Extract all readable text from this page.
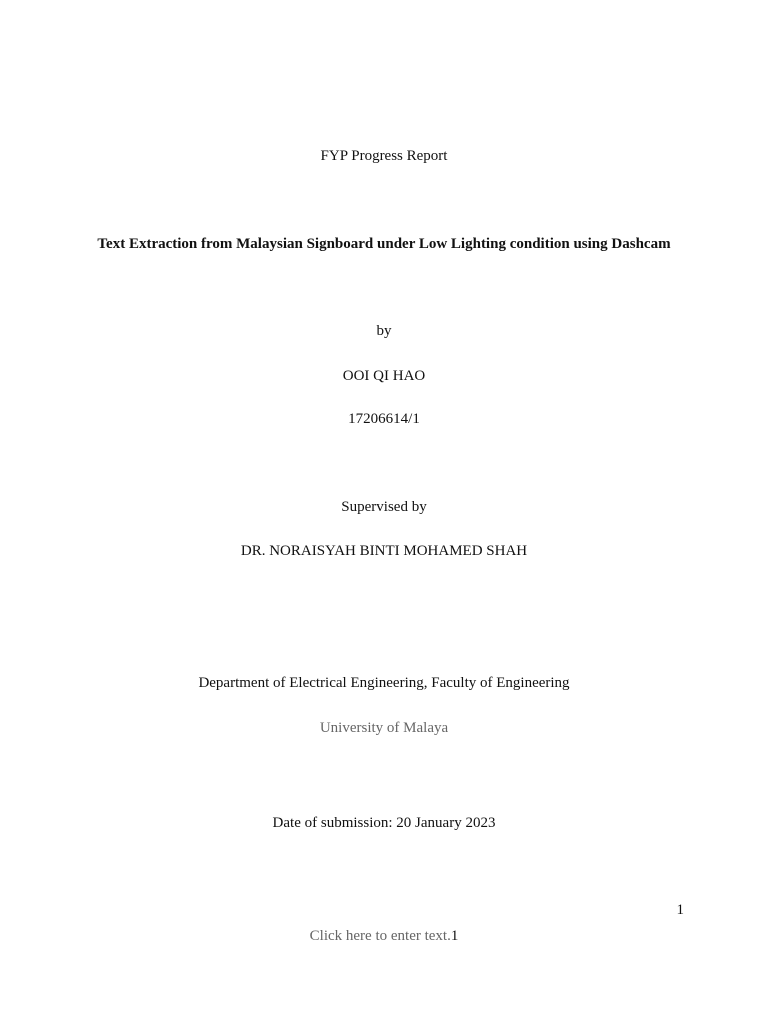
FYP Progress Report
Text Extraction from Malaysian Signboard under Low Lighting condition using Dashcam
by
OOI QI HAO
17206614/1
Supervised by
DR. NORAISYAH BINTI MOHAMED SHAH
Department of Electrical Engineering, Faculty of Engineering
University of Malaya
Date of submission: 20 January 2023
1
Click here to enter text.1
